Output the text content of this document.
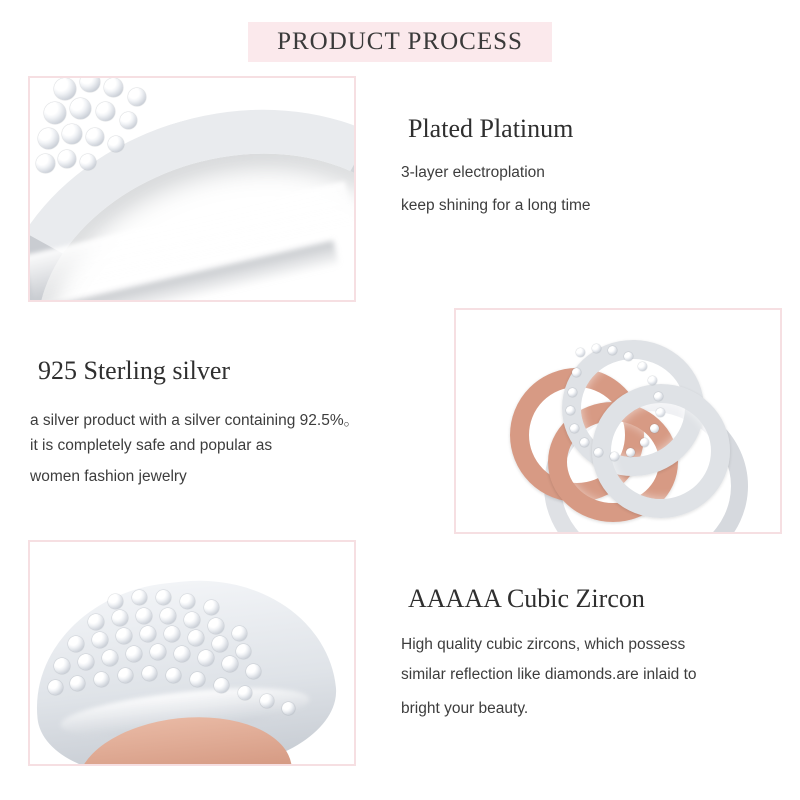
PRODUCT PROCESS
Plated Platinum
3-layer electroplation
keep shining for a long time
925 Sterling silver
a silver product with a silver containing 92.5%。
it is completely safe and popular as
women fashion jewelry
AAAAA Cubic Zircon
High quality cubic zircons, which possess
similar reflection like diamonds.are inlaid to
bright your beauty.
